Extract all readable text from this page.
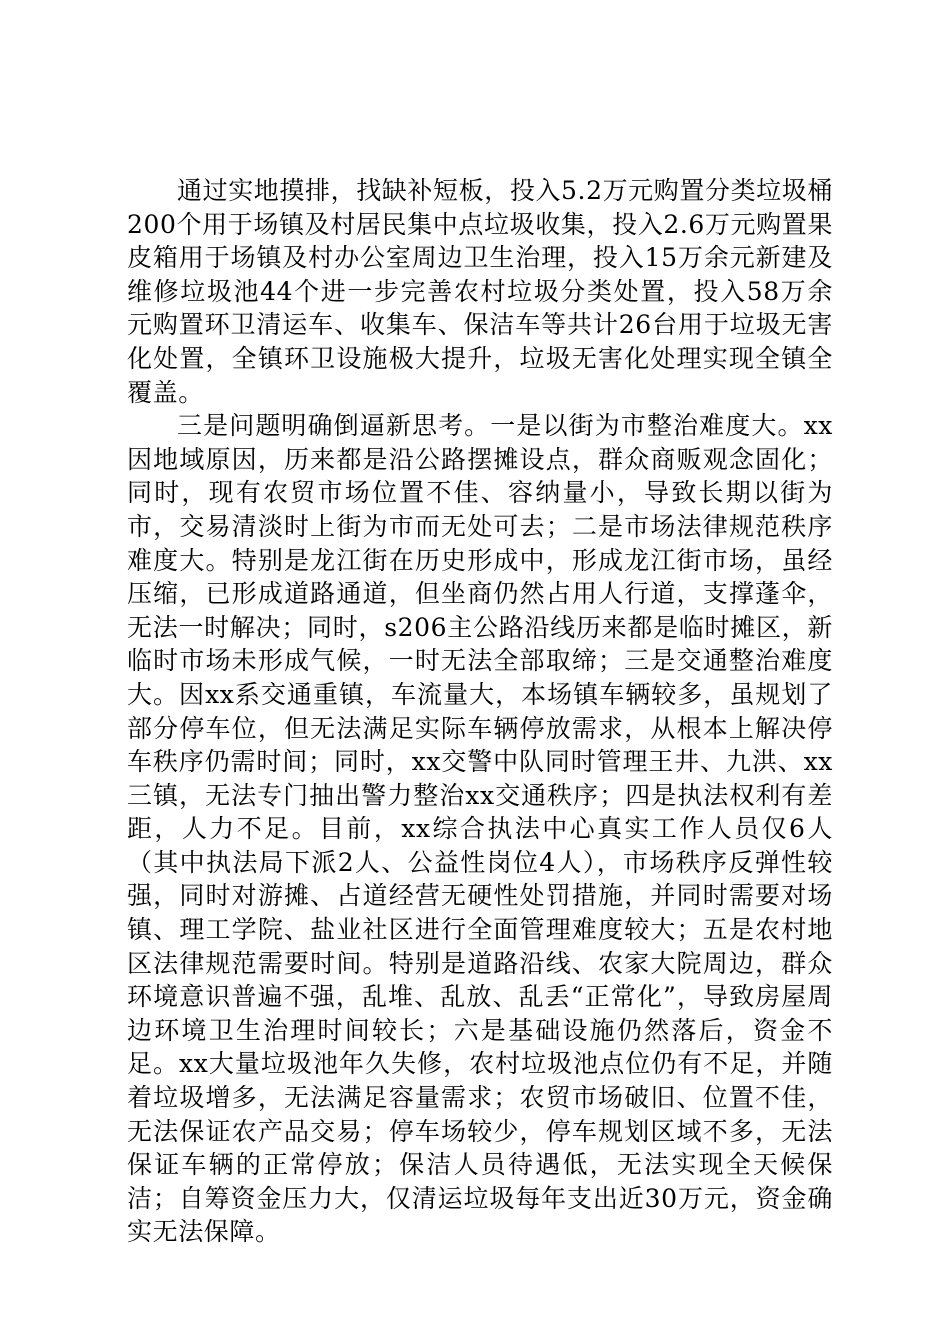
通过实地摸排，找缺补短板，投入5.2万元购置分类垃圾桶200个用于场镇及村居民集中点垃圾收集，投入2.6万元购置果皮箱用于场镇及村办公室周边卫生治理，投入15万余元新建及维修垃圾池44个进一步完善农村垃圾分类处置，投入58万余元购置环卫清运车、收集车、保洁车等共计26台用于垃圾无害化处置，全镇环卫设施极大提升，垃圾无害化处理实现全镇全覆盖。

三是问题明确倒逼新思考。一是以街为市整治难度大。xx因地域原因，历来都是沿公路摆摊设点，群众商贩观念固化；同时，现有农贸市场位置不佳、容纳量小，导致长期以街为市，交易清淡时上街为市而无处可去；二是市场法律规范秩序难度大。特别是龙江街在历史形成中，形成龙江街市场，虽经压缩，已形成道路通道，但坐商仍然占用人行道，支撑蓬伞，无法一时解决；同时，s206主公路沿线历来都是临时摊区，新临时市场未形成气候，一时无法全部取缔；三是交通整治难度大。因xx系交通重镇，车流量大，本场镇车辆较多，虽规划了部分停车位，但无法满足实际车辆停放需求，从根本上解决停车秩序仍需时间；同时，xx交警中队同时管理王井、九洪、xx三镇，无法专门抽出警力整治xx交通秩序；四是执法权利有差距，人力不足。目前，xx综合执法中心真实工作人员仅6人（其中执法局下派2人、公益性岗位4人），市场秩序反弹性较强，同时对游摊、占道经营无硬性处罚措施，并同时需要对场镇、理工学院、盐业社区进行全面管理难度较大；五是农村地区法律规范需要时间。特别是道路沿线、农家大院周边，群众环境意识普遍不强，乱堆、乱放、乱丢“正常化”，导致房屋周边环境卫生治理时间较长；六是基础设施仍然落后，资金不足。xx大量垃圾池年久失修，农村垃圾池点位仍有不足，并随着垃圾增多，无法满足容量需求；农贸市场破旧、位置不佳，无法保证农产品交易；停车场较少，停车规划区域不多，无法保证车辆的正常停放；保洁人员待遇低，无法实现全天候保洁；自筹资金压力大，仅清运垃圾每年支出近30万元，资金确实无法保障。
